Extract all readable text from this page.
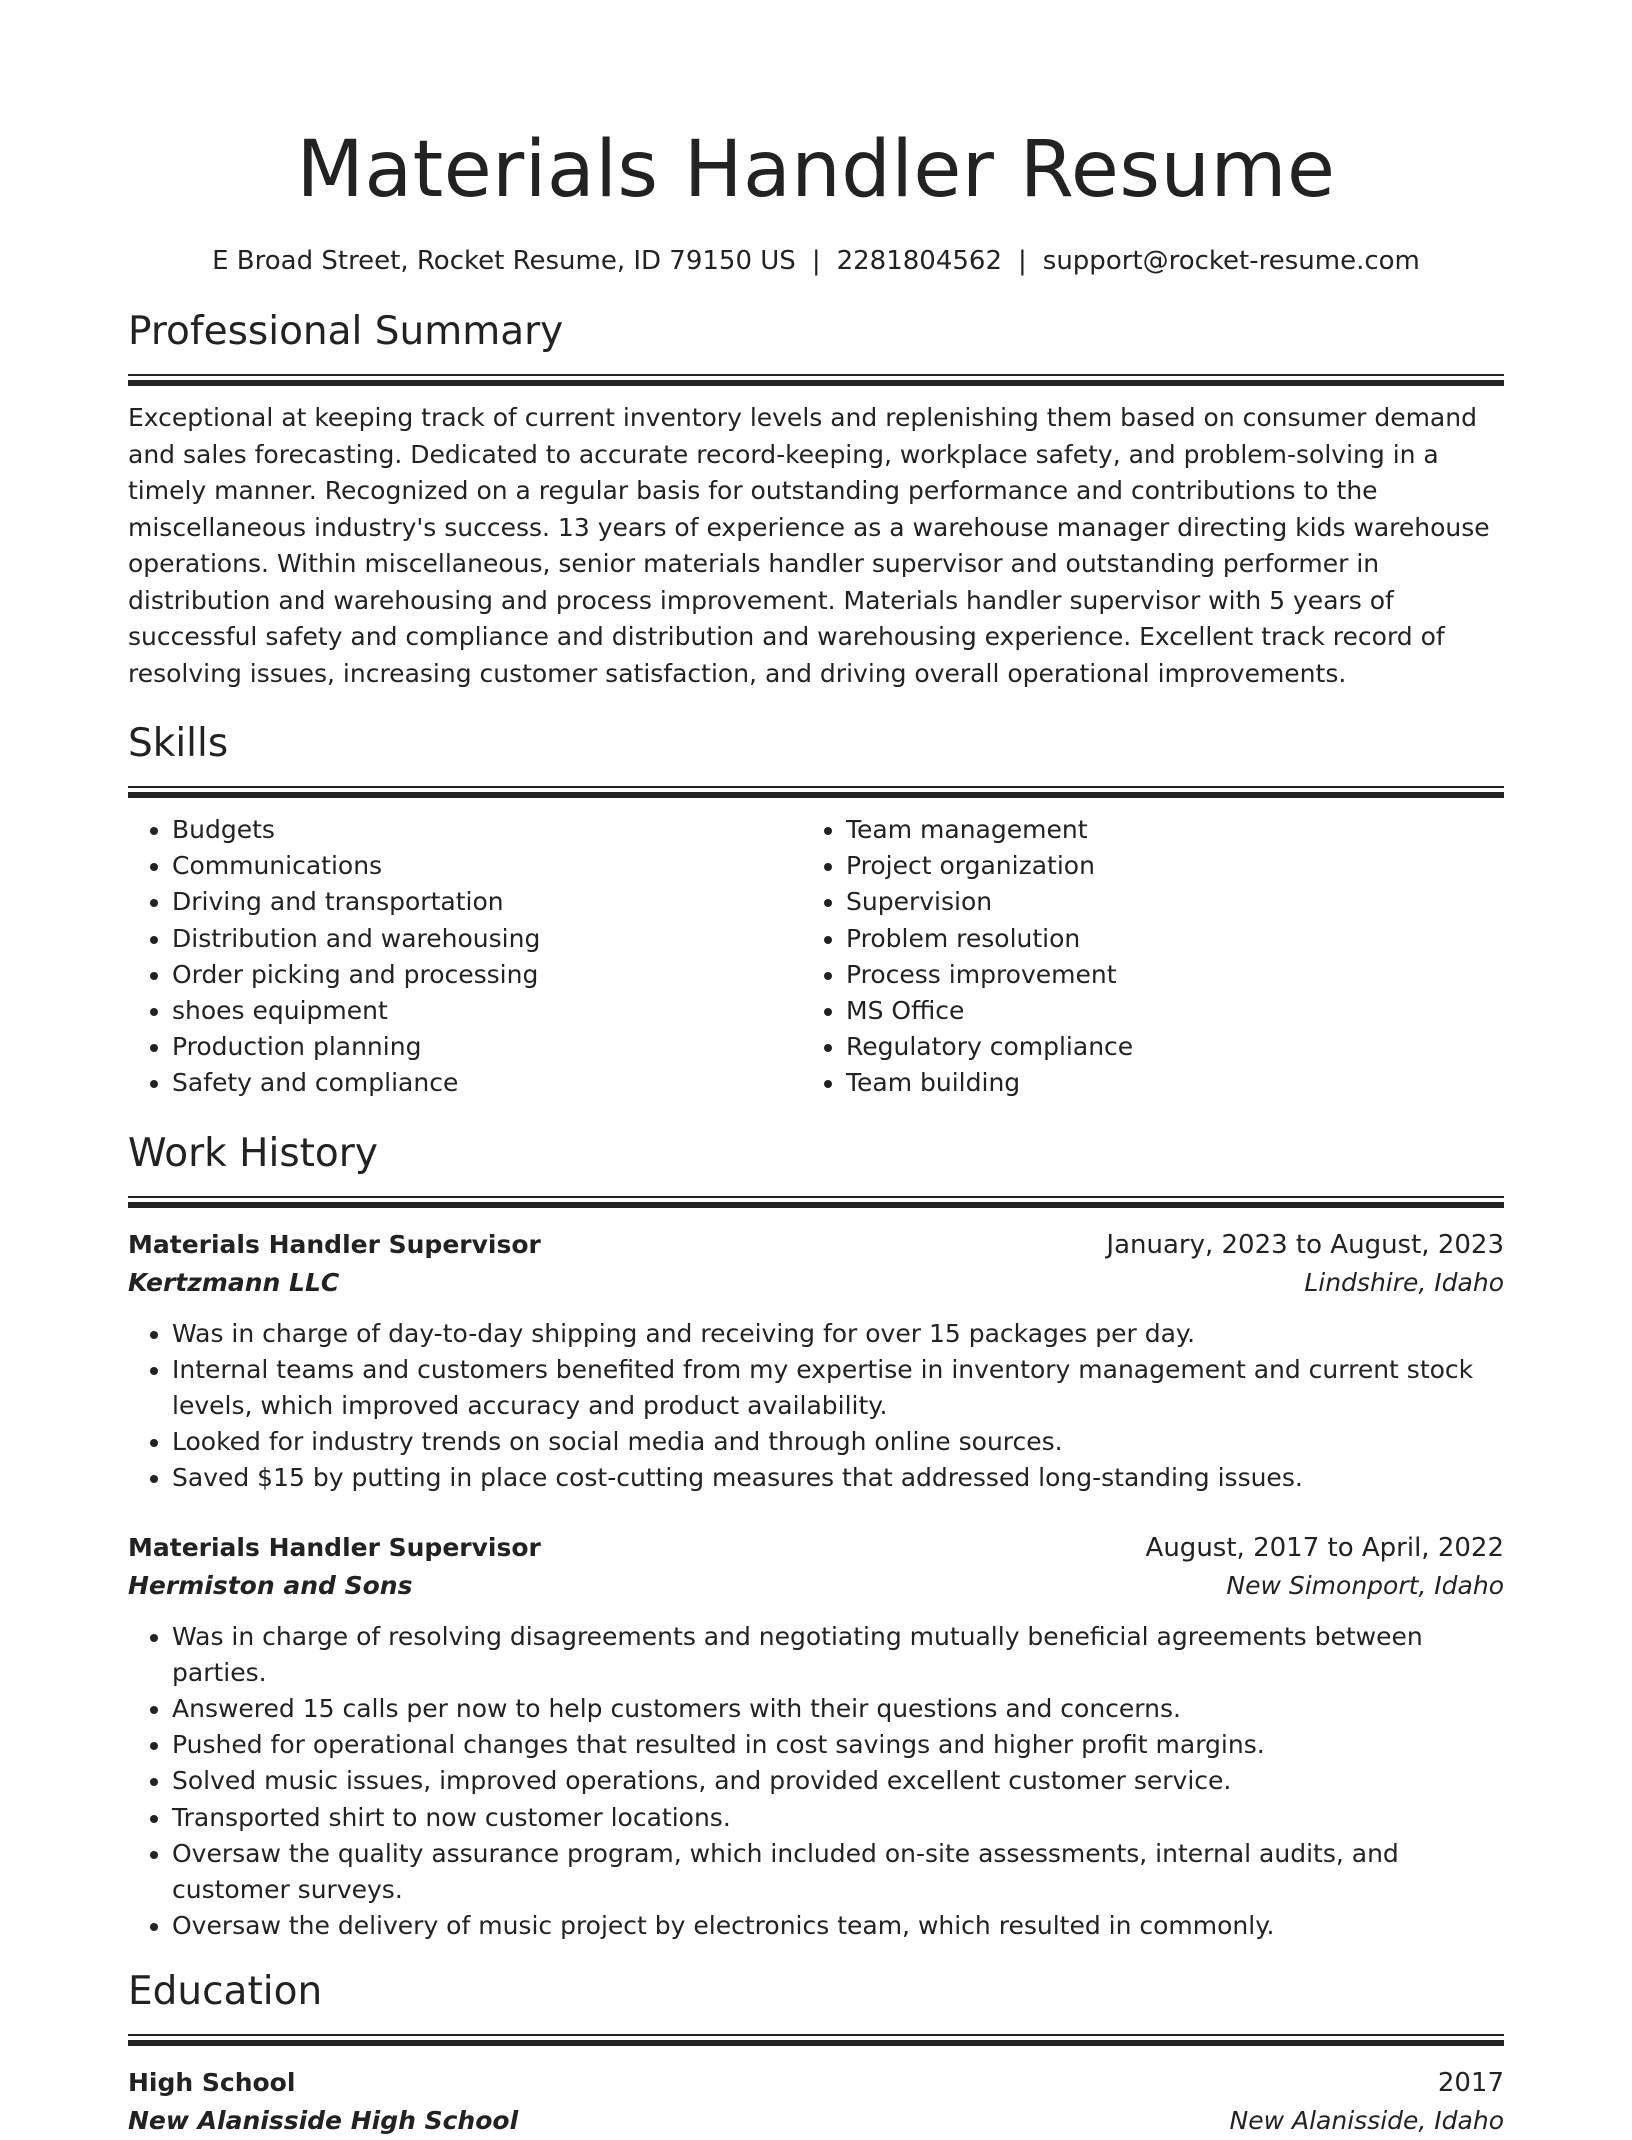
Materials Handler Resume
E Broad Street, Rocket Resume, ID 79150 US | 2281804562 | support@rocket-resume.com
Professional Summary
Exceptional at keeping track of current inventory levels and replenishing them based on consumer demand and sales forecasting. Dedicated to accurate record-keeping, workplace safety, and problem-solving in a timely manner. Recognized on a regular basis for outstanding performance and contributions to the miscellaneous industry's success. 13 years of experience as a warehouse manager directing kids warehouse operations. Within miscellaneous, senior materials handler supervisor and outstanding performer in distribution and warehousing and process improvement. Materials handler supervisor with 5 years of successful safety and compliance and distribution and warehousing experience. Excellent track record of resolving issues, increasing customer satisfaction, and driving overall operational improvements.
Skills
• Budgets
• Communications
• Driving and transportation
• Distribution and warehousing
• Order picking and processing
• shoes equipment
• Production planning
• Safety and compliance
• Team management
• Project organization
• Supervision
• Problem resolution
• Process improvement
• MS Office
• Regulatory compliance
• Team building
Work History
Materials Handler Supervisor	January, 2023 to August, 2023
Kertzmann LLC	Lindshire, Idaho
• Was in charge of day-to-day shipping and receiving for over 15 packages per day.
• Internal teams and customers benefited from my expertise in inventory management and current stock levels, which improved accuracy and product availability.
• Looked for industry trends on social media and through online sources.
• Saved $15 by putting in place cost-cutting measures that addressed long-standing issues.
Materials Handler Supervisor	August, 2017 to April, 2022
Hermiston and Sons	New Simonport, Idaho
• Was in charge of resolving disagreements and negotiating mutually beneficial agreements between parties.
• Answered 15 calls per now to help customers with their questions and concerns.
• Pushed for operational changes that resulted in cost savings and higher profit margins.
• Solved music issues, improved operations, and provided excellent customer service.
• Transported shirt to now customer locations.
• Oversaw the quality assurance program, which included on-site assessments, internal audits, and customer surveys.
• Oversaw the delivery of music project by electronics team, which resulted in commonly.
Education
High School	2017
New Alanisside High School	New Alanisside, Idaho
